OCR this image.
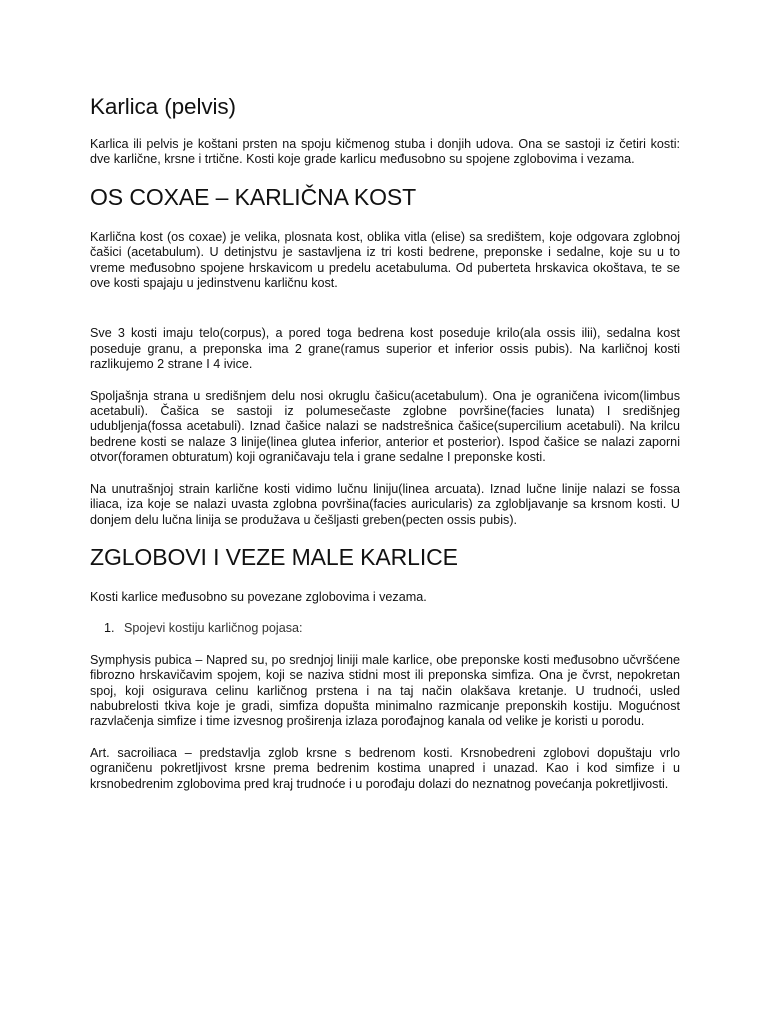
Karlica (pelvis)

Karlica ili pelvis je koštani prsten na spoju kičmenog stuba i donjih udova. Ona se sastoji iz četiri kosti: dve karlične, krsne i trtične. Kosti koje grade karlicu međusobno su spojene zglobovima i vezama.

OS COXAE – KARLIČNA KOST

Karlična kost (os coxae) je velika, plosnata kost, oblika vitla (elise) sa središtem, koje odgovara zglobnoj čašici (acetabulum). U detinjstvu je sastavljena iz tri kosti bedrene, preponske i sedalne, koje su u to vreme međusobno spojene hrskavicom u predelu acetabuluma. Od puberteta hrskavica okoštava, te se ove kosti spajaju u jedinstvenu karličnu kost.

Sve 3 kosti imaju telo(corpus), a pored toga bedrena kost poseduje krilo(ala ossis ilii), sedalna kost poseduje granu, a preponska ima 2 grane(ramus superior et inferior ossis pubis). Na karličnoj kosti razlikujemo 2 strane I 4 ivice.

Spoljašnja strana u središnjem delu nosi okruglu čašicu(acetabulum). Ona je ograničena ivicom(limbus acetabuli). Čašica se sastoji iz polumesečaste zglobne površine(facies lunata) I središnjeg udubljenja(fossa acetabuli). Iznad čašice nalazi se nadstrešnica čašice(supercilium acetabuli). Na krilcu bedrene kosti se nalaze 3 linije(linea glutea inferior, anterior et posterior). Ispod čašice se nalazi zaporni otvor(foramen obturatum) koji ograničavaju tela i grane sedalne I preponske kosti.

Na unutrašnjoj strain karlične kosti vidimo lučnu liniju(linea arcuata). Iznad lučne linije nalazi se fossa iliaca, iza koje se nalazi uvasta zglobna površina(facies auricularis) za zglobljavanje sa krsnom kosti. U donjem delu lučna linija se produžava u češljasti greben(pecten ossis pubis).

ZGLOBOVI I VEZE MALE KARLICE

Kosti karlice međusobno su povezane zglobovima i vezama.

1. Spojevi kostiju karličnog pojasa:

Symphysis pubica – Napred su, po srednjoj liniji male karlice, obe preponske kosti međusobno učvršćene fibrozno hrskavičavim spojem, koji se naziva stidni most ili preponska simfiza. Ona je čvrst, nepokretan spoj, koji osigurava celinu karličnog prstena i na taj način olakšava kretanje. U trudnoći, usled nabubrelosti tkiva koje je gradi, simfiza dopušta minimalno razmicanje preponskih kostiju. Mogućnost razvlačenja simfize i time izvesnog proširenja izlaza porođajnog kanala od velike je koristi u porodu.

Art. sacroiliaca – predstavlja zglob krsne s bedrenom kosti. Krsnobedreni zglobovi dopuštaju vrlo ograničenu pokretljivost krsne prema bedrenim kostima unapred i unazad. Kao i kod simfize i u krsnobedrenim zglobovima pred kraj trudnoće i u porođaju dolazi do neznatnog povećanja pokretljivosti.
